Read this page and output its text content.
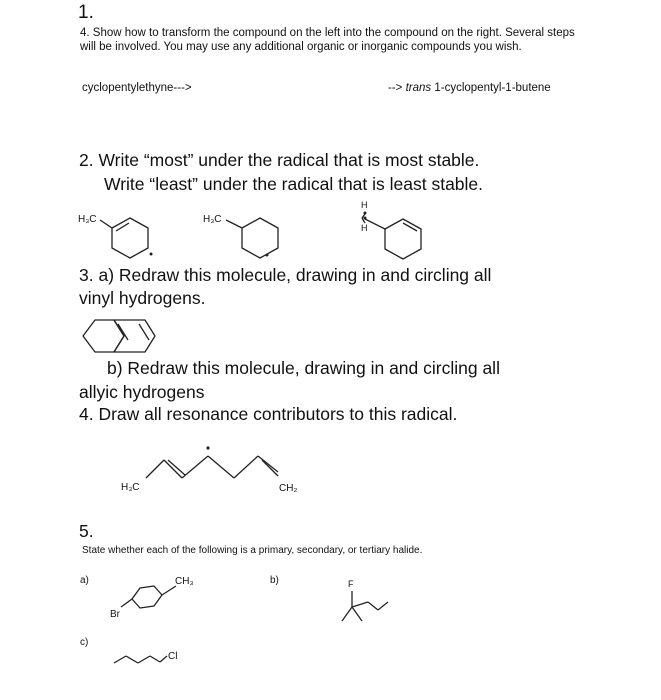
1.
4. Show how to transform the compound on the left into the compound on the right. Several steps will be involved. You may use any additional organic or inorganic compounds you wish.
cyclopentylethyne--->	--> trans 1-cyclopentyl-1-butene
2. Write “most” under the radical that is most stable.
Write “least” under the radical that is least stable.
3. a) Redraw this molecule, drawing in and circling all
vinyl hydrogens.
b) Redraw this molecule, drawing in and circling all
allyic hydrogens
4. Draw all resonance contributors to this radical.
5.
State whether each of the following is a primary, secondary, or tertiary halide.
a)	b)
c)
H₃C	H₃C
H
H
H₃C	CH₂
CH₃
Br
F
Cl
